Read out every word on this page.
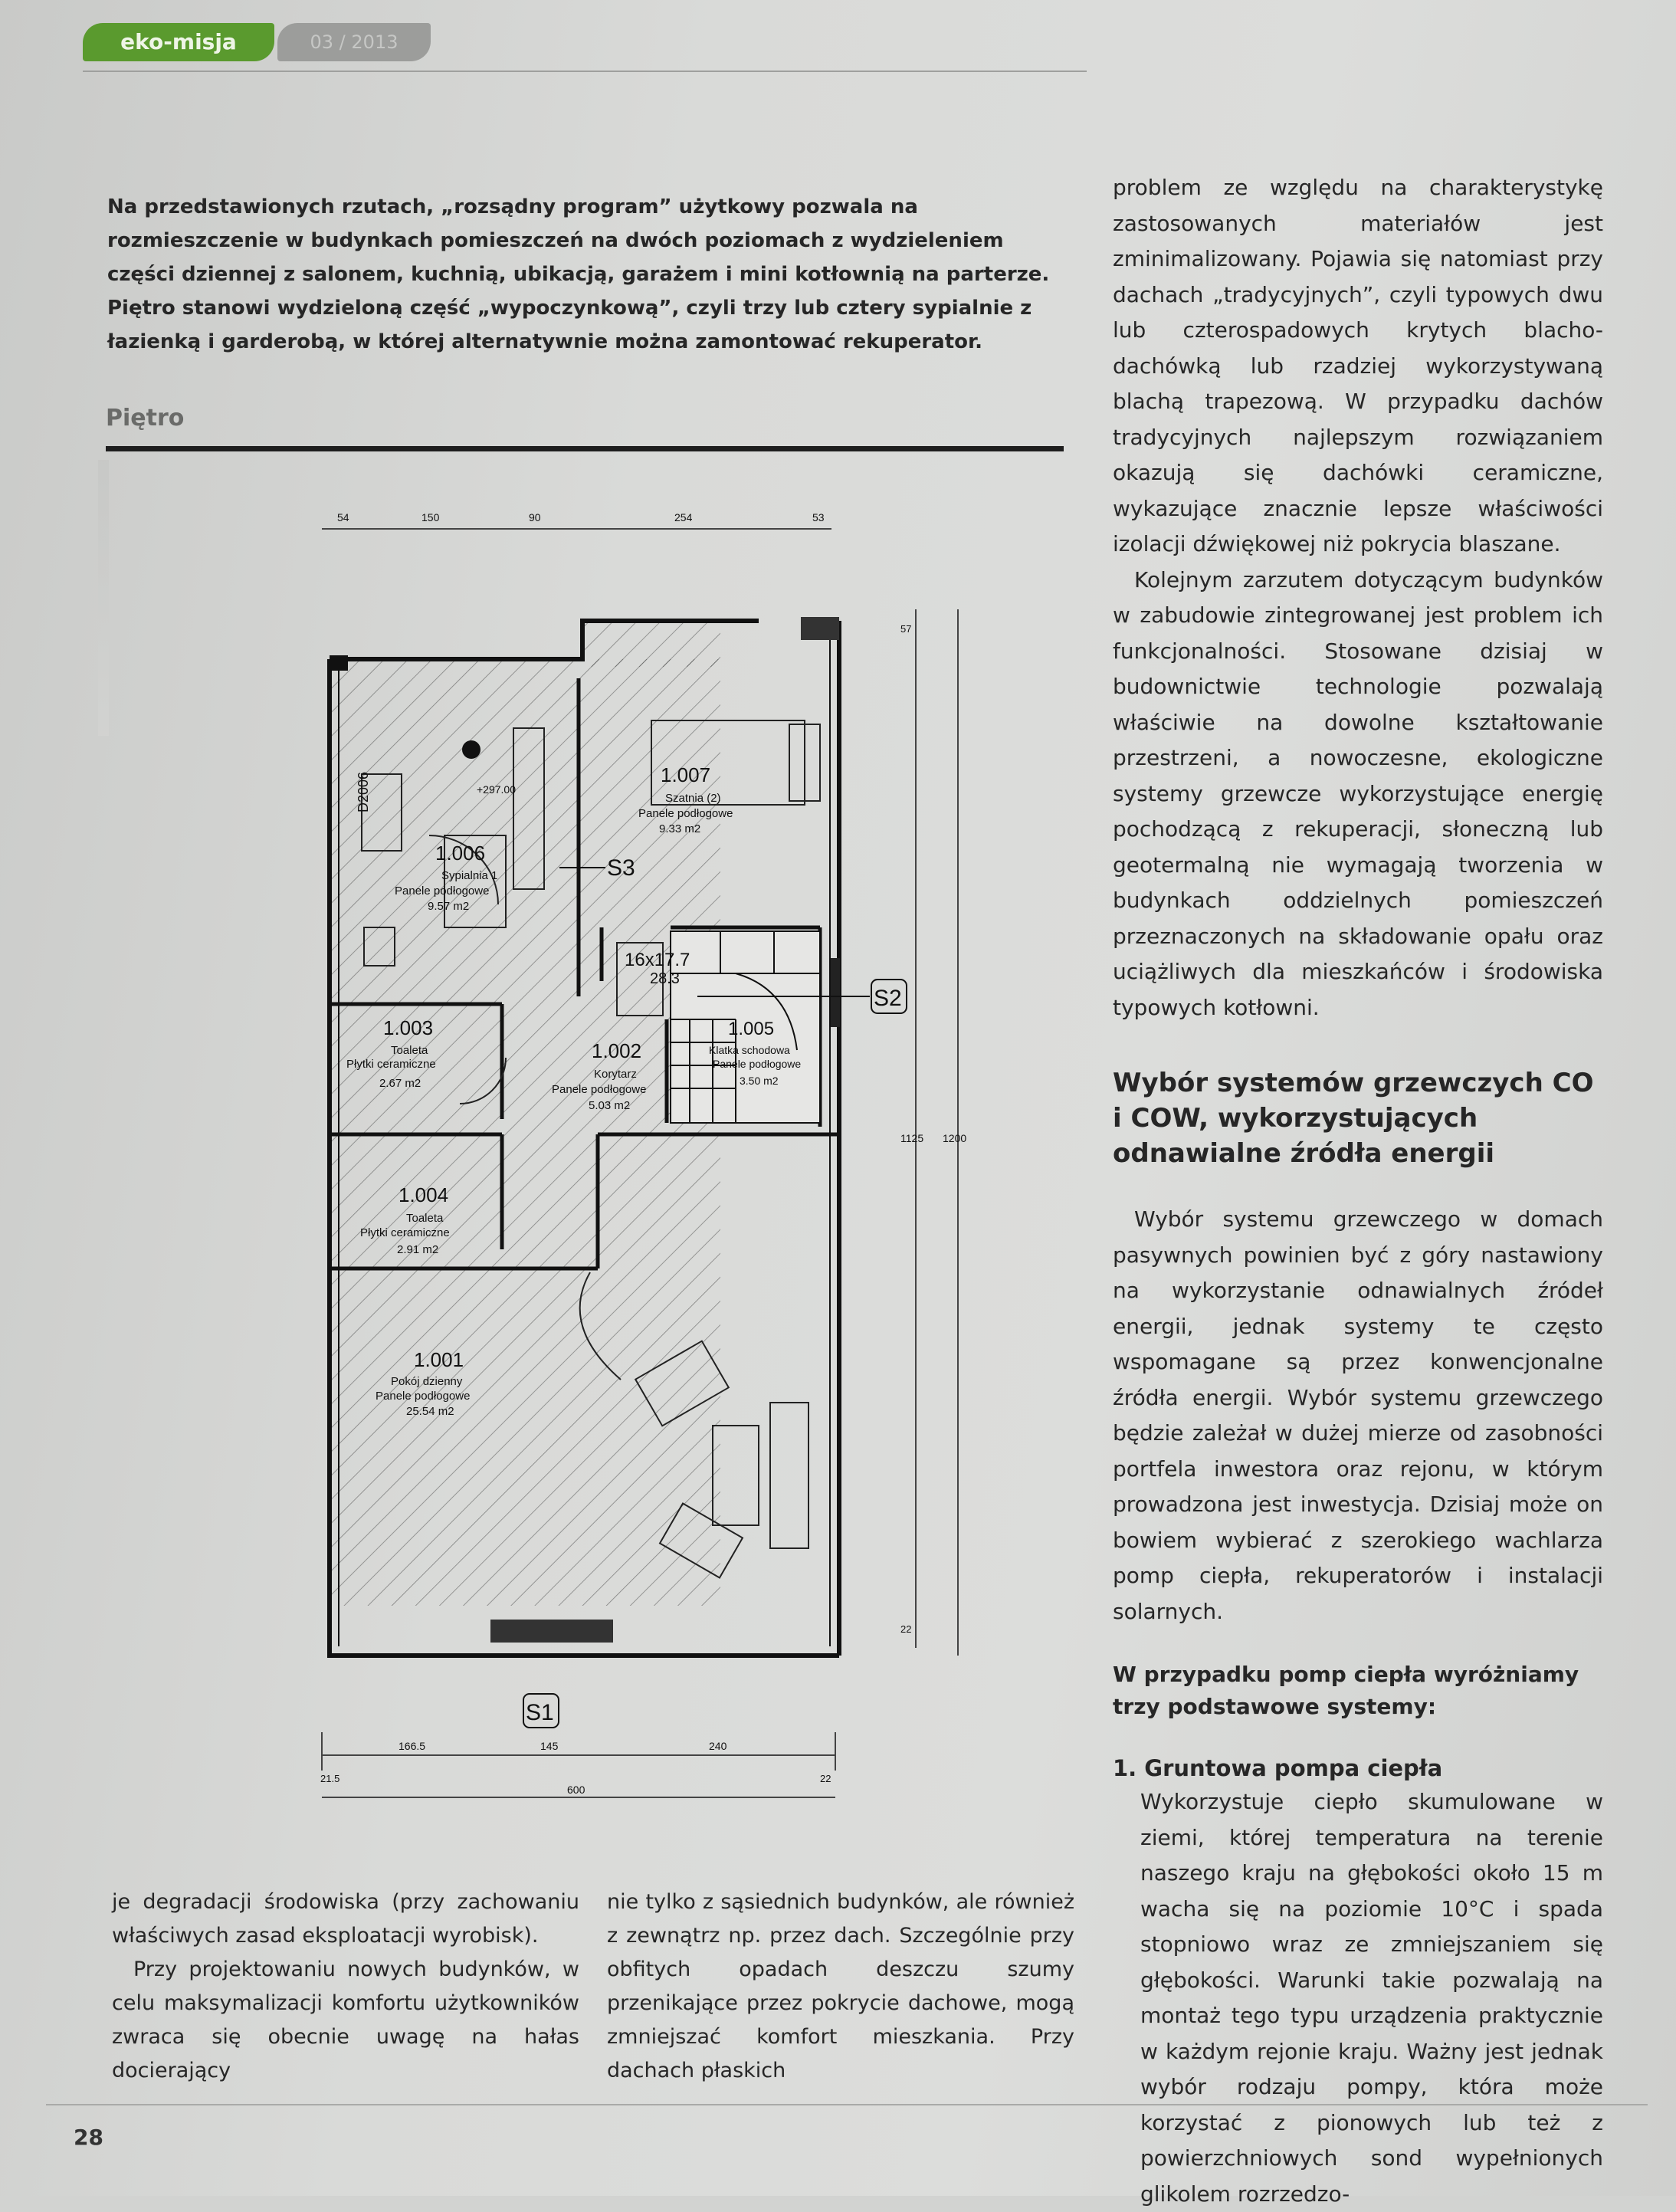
eko-misja	03 / 2013
Na przedstawionych rzutach, „rozsądny program” użytkowy pozwala na rozmieszczenie w budynkach pomieszczeń na dwóch poziomach z wydzieleniem części dziennej z salonem, kuchnią, ubikacją, garażem i mini kotłownią na parterze. Piętro stanowi wydzieloną część „wypoczynkową”, czyli trzy lub cztery sypialnie z łazienką i garderobą, w której alternatywnie można zamontować rekuperator.
Piętro
54	150	90	254	53
166.5	145	240
21.5
600
22
57
1125 1200
22
1.007
Szatnia (2)
Panele podłogowe
9.33 m2
1.006
Sypialnia 1
Panele podłogowe
9.57 m2
1.003
Toaleta
Płytki ceramiczne
2.67 m2
1.002
Korytarz
Panele podłogowe
5.03 m2
1.005
Klatka schodowa
Panele podłogowe
3.50 m2
1.004
Toaleta
Płytki ceramiczne
2.91 m2
1.001
Pokój dzienny
Panele podłogowe
25.54 m2
+297.00
D2006
16x17.7
28.3
S3
S2
S1

problem ze względu na charakterystykę zastosowanych materiałów jest zminimalizowany. Pojawia się natomiast przy dachach „tradycyjnych”, czyli typowych dwu lub czterospadowych krytych blacho-dachówką lub rzadziej wykorzystywaną blachą trapezową. W przypadku dachów tradycyjnych najlepszym rozwiązaniem okazują się dachówki ceramiczne, wykazujące znacznie lepsze właściwości izolacji dźwiękowej niż pokrycia blaszane.

Kolejnym zarzutem dotyczącym budynków w zabudowie zintegrowanej jest problem ich funkcjonalności. Stosowane dzisiaj w budownictwie technologie pozwalają właściwie na dowolne kształtowanie przestrzeni, a nowoczesne, ekologiczne systemy grzewcze wykorzystujące energię pochodzącą z rekuperacji, słoneczną lub geotermalną nie wymagają tworzenia w budynkach oddzielnych pomieszczeń przeznaczonych na składowanie opału oraz uciążliwych dla mieszkańców i środowiska typowych kotłowni.

Wybór systemów grzewczych CO i COW, wykorzystujących odnawialne źródła energii

Wybór systemu grzewczego w domach pasywnych powinien być z góry nastawiony na wykorzystanie odnawialnych źródeł energii, jednak systemy te często wspomagane są przez konwencjonalne źródła energii. Wybór systemu grzewczego będzie zależał w dużej mierze od zasobności portfela inwestora oraz rejonu, w którym prowadzona jest inwestycja. Dzisiaj może on bowiem wybierać z szerokiego wachlarza pomp ciepła, rekuperatorów i instalacji solarnych.

W przypadku pomp ciepła wyróżniamy trzy podstawowe systemy:
1. Gruntowa pompa ciepła

Wykorzystuje ciepło skumulowane w ziemi, której temperatura na terenie naszego kraju na głębokości około 15 m wacha się na poziomie 10°C i spada stopniowo wraz ze zmniejszaniem się głębokości. Warunki takie pozwalają na montaż tego typu urządzenia praktycznie w każdym rejonie kraju. Ważny jest jednak wybór rodzaju pompy, która może korzystać z pionowych lub też z powierzchniowych sond wypełnionych glikolem rozrzedzo-

je degradacji środowiska (przy zachowaniu właściwych zasad eksploatacji wyrobisk).
Przy projektowaniu nowych budynków, w celu maksymalizacji komfortu użytkowników zwraca się obecnie uwagę na hałas docierający
nie tylko z sąsiednich budynków, ale również z zewnątrz np. przez dach. Szczególnie przy obfitych opadach deszczu szumy przenikające przez pokrycie dachowe, mogą zmniejszać komfort mieszkania. Przy dachach płaskich
28
